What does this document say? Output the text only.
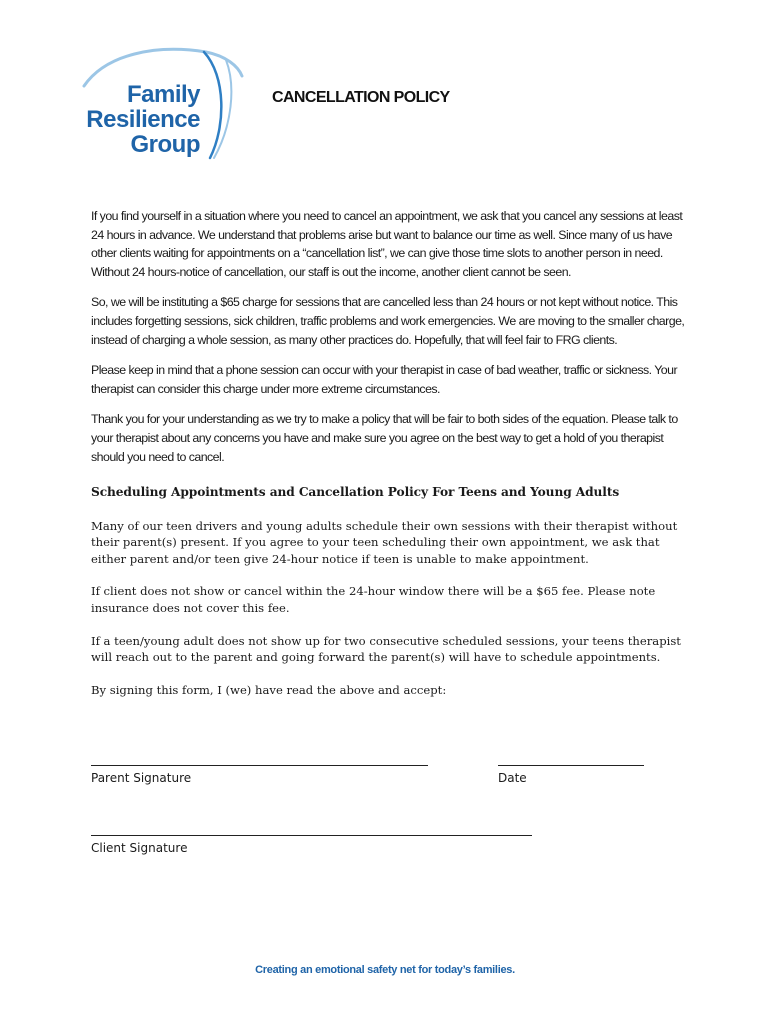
Family
Resilience
Group
CANCELLATION POLICY

If you find yourself in a situation where you need to cancel an appointment, we ask that you cancel any sessions at least 24 hours in advance. We understand that problems arise but want to balance our time as well. Since many of us have other clients waiting for appointments on a “cancellation list”, we can give those time slots to another person in need. Without 24 hours-notice of cancellation, our staff is out the income, another client cannot be seen.

So, we will be instituting a $65 charge for sessions that are cancelled less than 24 hours or not kept without notice. This includes forgetting sessions, sick children, traffic problems and work emergencies. We are moving to the smaller charge, instead of charging a whole session, as many other practices do. Hopefully, that will feel fair to FRG clients.

Please keep in mind that a phone session can occur with your therapist in case of bad weather, traffic or sickness. Your therapist can consider this charge under more extreme circumstances.

Thank you for your understanding as we try to make a policy that will be fair to both sides of the equation. Please talk to your therapist about any concerns you have and make sure you agree on the best way to get a hold of you therapist should you need to cancel.

Scheduling Appointments and Cancellation Policy For Teens and Young Adults

Many of our teen drivers and young adults schedule their own sessions with their therapist without their parent(s) present. If you agree to your teen scheduling their own appointment, we ask that either parent and/or teen give 24-hour notice if teen is unable to make appointment.

If client does not show or cancel within the 24-hour window there will be a $65 fee. Please note insurance does not cover this fee.

If a teen/young adult does not show up for two consecutive scheduled sessions, your teens therapist will reach out to the parent and going forward the parent(s) will have to schedule appointments.

By signing this form, I (we) have read the above and accept:

Parent Signature	Date
Client Signature
Creating an emotional safety net for today’s families.
